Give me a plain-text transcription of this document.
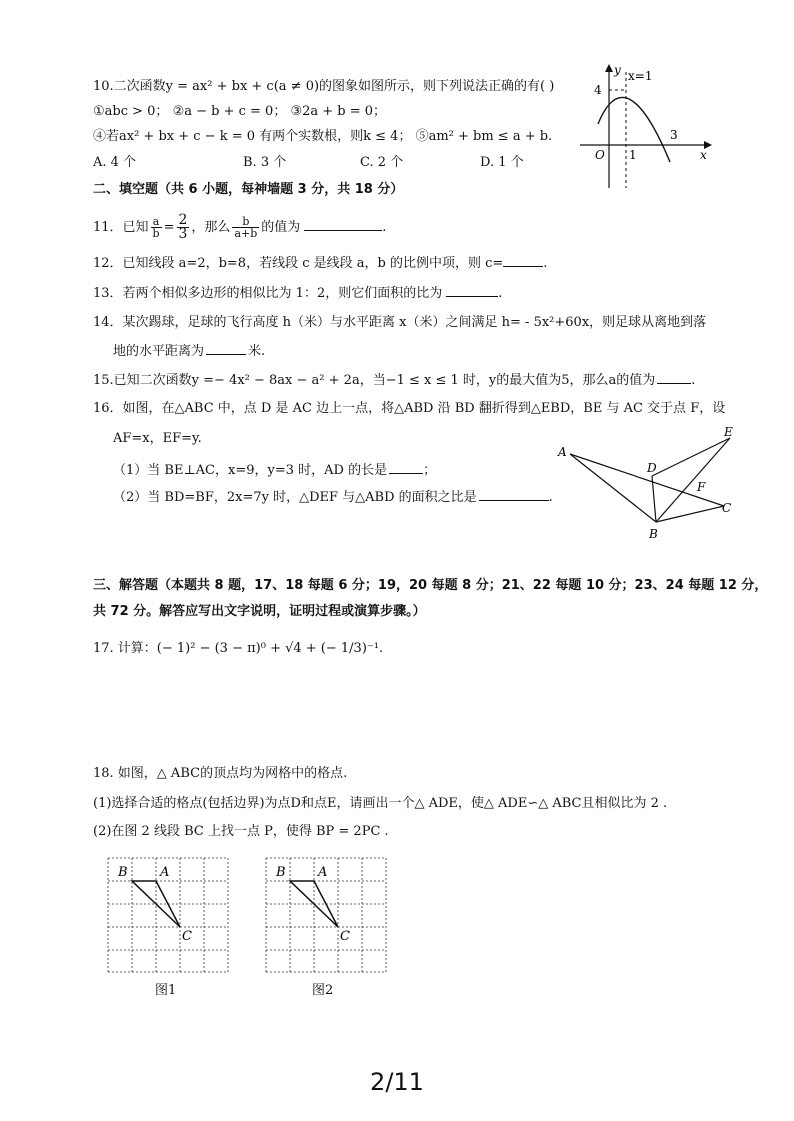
10.二次函数y = ax² + bx + c(a ≠ 0)的图象如图所示，则下列说法正确的有( )
①abc > 0； ②a − b + c = 0； ③2a + b = 0；
④若ax² + bx + c − k = 0 有两个实数根，则k ≤ 4； ⑤am² + bm ≤ a + b.
A. 4 个	B. 3 个	C. 2 个	D. 1 个
y x=1
4
3
O 1	x
二、填空题（共 6 小题，每神墙题 3 分，共 18 分）
11．已知 $\frac{a}{b} = \frac{2}{3}$ ，那么 $\frac{b}{a+b}$ 的值为	.
12．已知线段 a=2，b=8，若线段 c 是线段 a，b 的比例中项，则 c=	.
13．若两个相似多边形的相似比为 1：2，则它们面积的比为	.
14．某次踢球，足球的飞行高度 h（米）与水平距离 x（米）之间满足 h= - 5x²+60x，则足球从离地到落
地的水平距离为	米.
15.已知二次函数y =− 4x² − 8ax − a² + 2a，当−1 ≤ x ≤ 1 时，y的最大值为5，那么a的值为	.
16．如图，在△ABC 中，点 D 是 AC 边上一点，将△ABD 沿 BD 翻折得到△EBD，BE 与 AC 交于点 F，设
AF=x，EF=y.
（1）当 BE⊥AC，x=9，y=3 时，AD 的长是	；
（2）当 BD=BF，2x=7y 时，△DEF 与△ABD 的面积之比是	.
A
E
D
F
C
B
三、解答题（本题共 8 题，17、18 每题 6 分；19，20 每题 8 分；21、22 每题 10 分；23、24 每题 12 分，
共 72 分。解答应写出文字说明，证明过程或演算步骤。）
17. 计算：(− 1)² − (3 − π)⁰ + √4 + (− 1/3)⁻¹.
18. 如图，△ ABC的顶点均为网格中的格点.
(1)选择合适的格点(包括边界)为点D和点E，请画出一个△ ADE，使△ ADE∽△ ABC且相似比为 2 .
(2)在图 2 线段 BC 上找一点 P，使得 BP = 2PC .
B A
C
图1
B A
C
图2
2/11
